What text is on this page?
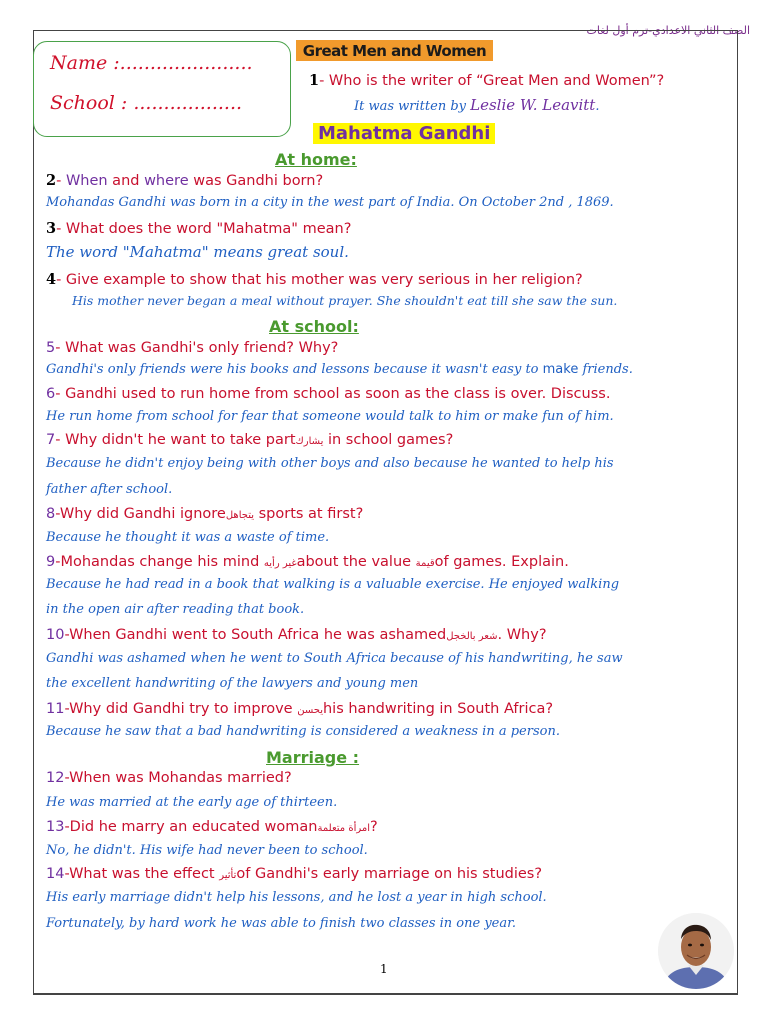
الصف الثاني الاعدادي-ترم أول لغات
Name :......................
School : ..................
Great Men and Women
1- Who is the writer of “Great Men and Women”?
It was written by Leslie W. Leavitt.
Mahatma Gandhi
At home:
2- When and where was Gandhi born?
Mohandas Gandhi was born in a city in the west part of India. On October 2nd , 1869.
3- What does the word "Mahatma" mean?
The word "Mahatma" means great soul.
4- Give example to show that his mother was very serious in her religion?
His mother never began a meal without prayer. She shouldn't eat till she saw the sun.
At school:
5- What was Gandhi's only friend? Why?
Gandhi's only friends were his books and lessons because it wasn't easy to make friends.
6- Gandhi used to run home from school as soon as the class is over. Discuss.
He run home from school for fear that someone would talk to him or make fun of him.
7- Why didn't he want to take partيشارك in school games?
Because he didn't enjoy being with other boys and also because he wanted to help his
father after school.
8-Why did Gandhi ignoreيتجاهل sports at first?
Because he thought it was a waste of time.
9-Mohandas change his mind غير رأيهabout the value قيمةof games. Explain.
Because he had read in a book that walking is a valuable exercise. He enjoyed walking
in the open air after reading that book.
10-When Gandhi went to South Africa he was ashamedشعر بالخجل. Why?
Gandhi was ashamed when he went to South Africa because of his handwriting, he saw
the excellent handwriting of the lawyers and young men
11-Why did Gandhi try to improve يحسنhis handwriting in South Africa?
Because he saw that a bad handwriting is considered a weakness in a person.
Marriage :
12-When was Mohandas married?
He was married at the early age of thirteen.
13-Did he marry an educated womanامرأة متعلمة?
No, he didn't. His wife had never been to school.
14-What was the effect تأثيرof Gandhi's early marriage on his studies?
His early marriage didn't help his lessons, and he lost a year in high school.
Fortunately, by hard work he was able to finish two classes in one year.
1
